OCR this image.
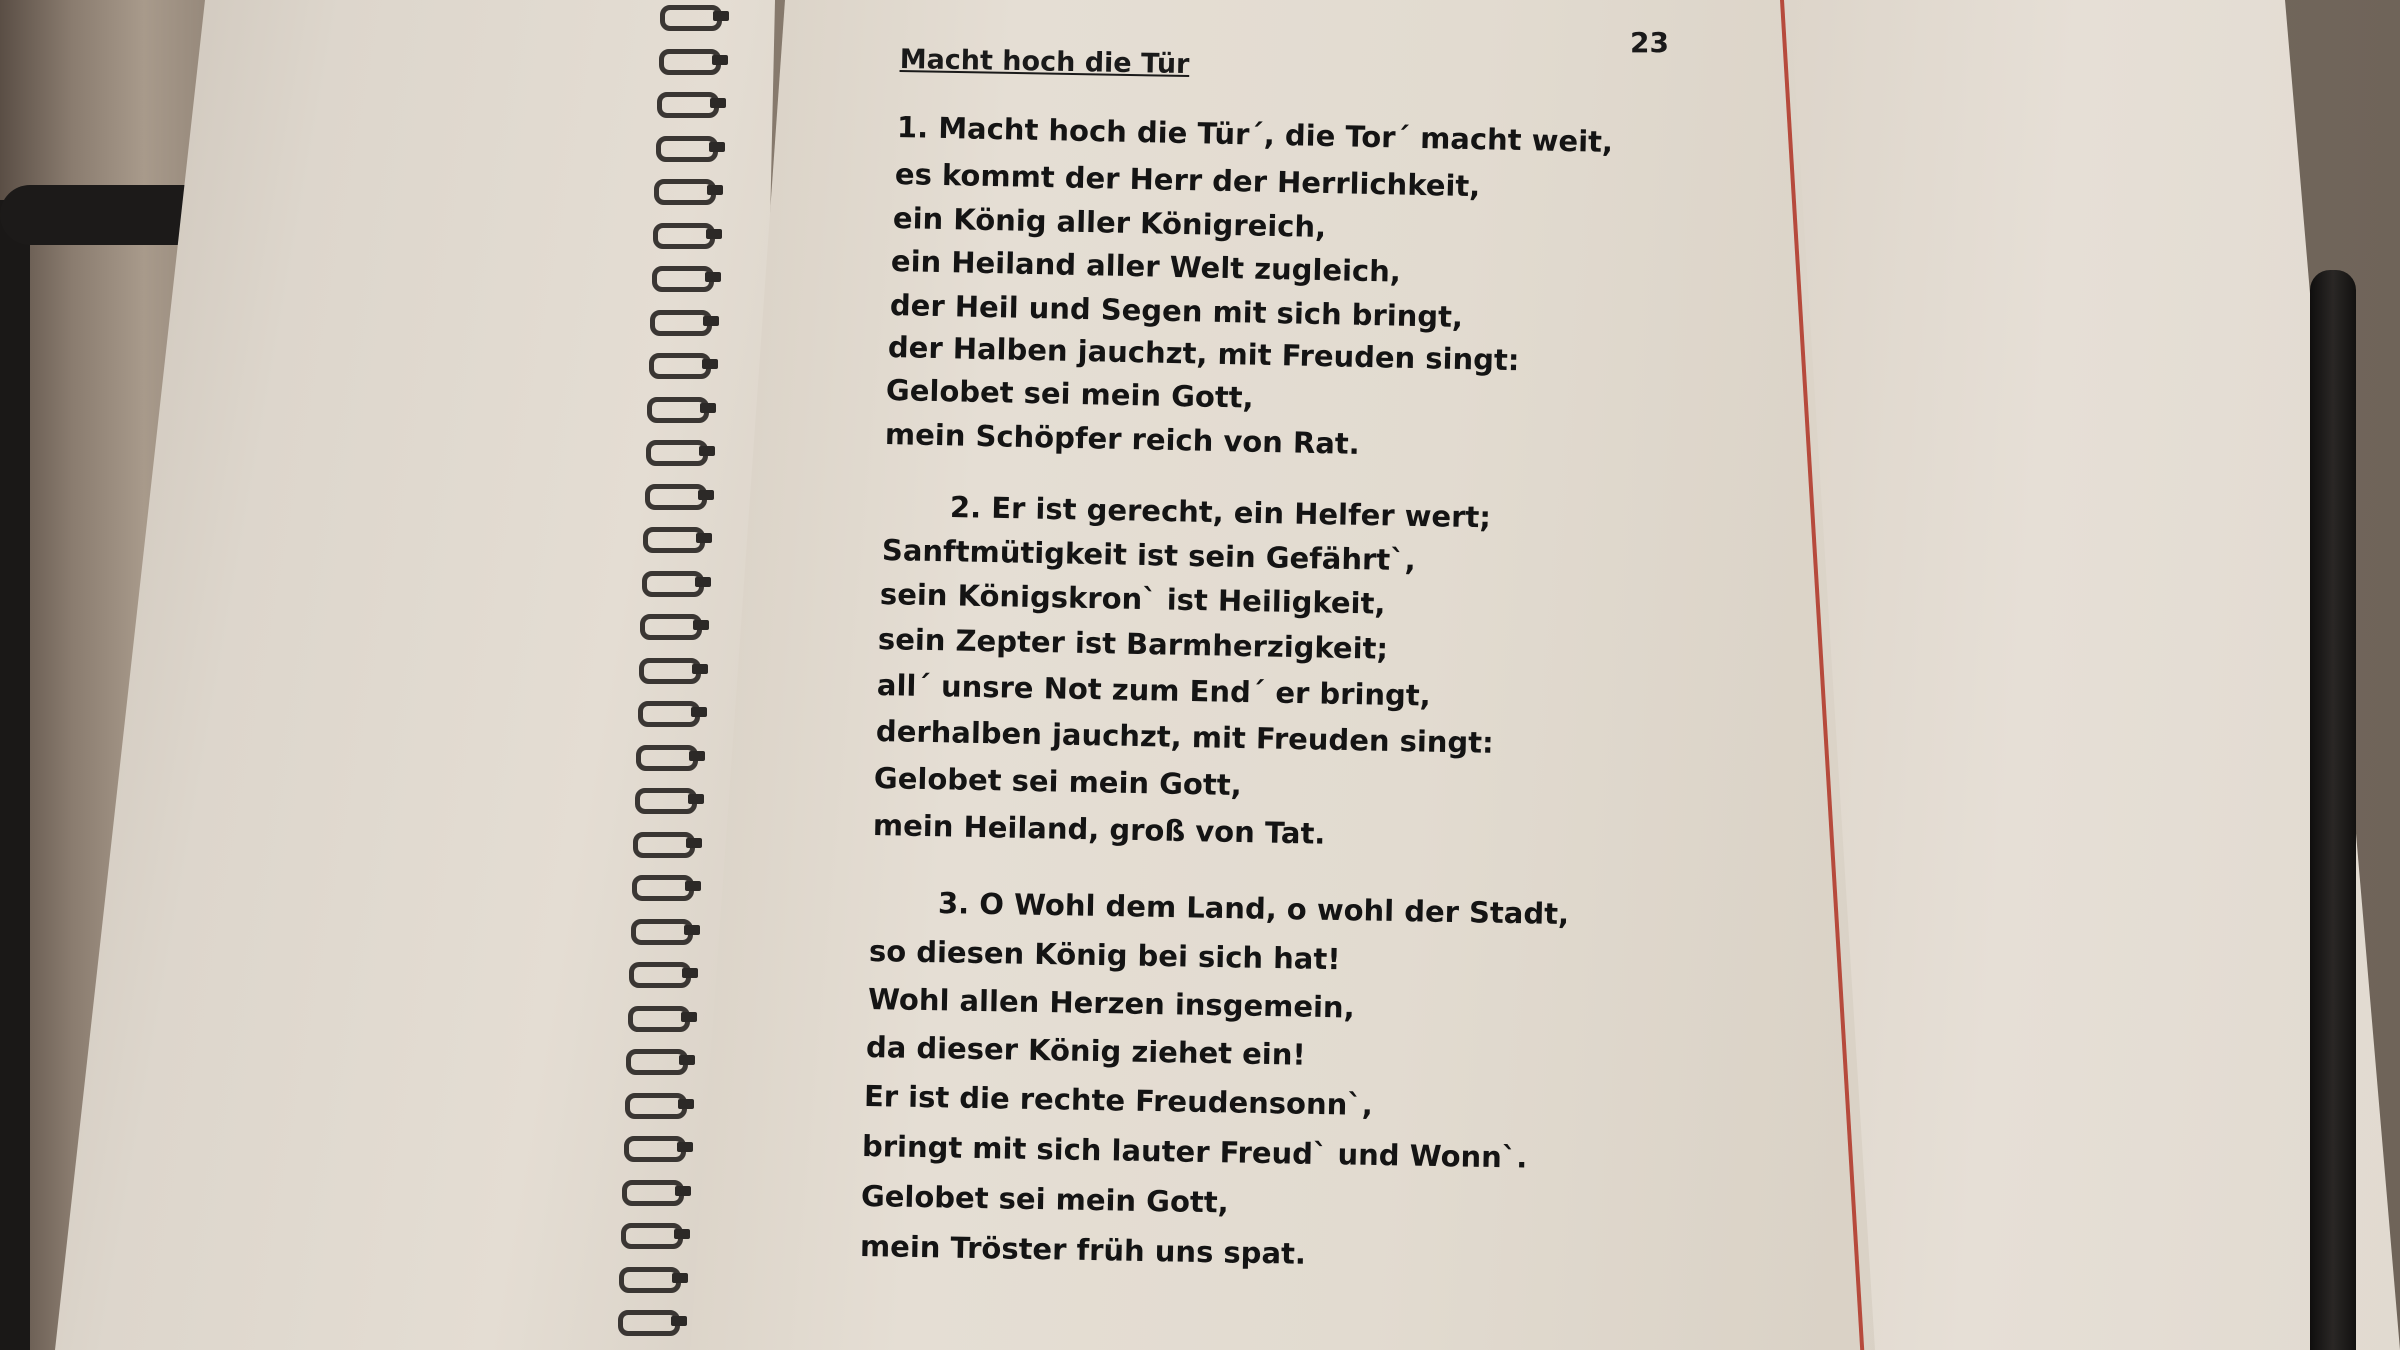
23
Macht hoch die Tür
1. Macht hoch die Tür´, die Tor´ macht weit,
es kommt der Herr der Herrlichkeit,
ein König aller Königreich,
ein Heiland aller Welt zugleich,
der Heil und Segen mit sich bringt,
der Halben jauchzt, mit Freuden singt:
Gelobet sei mein Gott,
mein Schöpfer reich von Rat.
2. Er ist gerecht, ein Helfer wert;
Sanftmütigkeit ist sein Gefährt`,
sein Königskron` ist Heiligkeit,
sein Zepter ist Barmherzigkeit;
all´ unsre Not zum End´ er bringt,
derhalben jauchzt, mit Freuden singt:
Gelobet sei mein Gott,
mein Heiland, groß von Tat.
3. O Wohl dem Land, o wohl der Stadt,
so diesen König bei sich hat!
Wohl allen Herzen insgemein,
da dieser König ziehet ein!
Er ist die rechte Freudensonn`,
bringt mit sich lauter Freud` und Wonn`.
Gelobet sei mein Gott,
mein Tröster früh uns spat.
